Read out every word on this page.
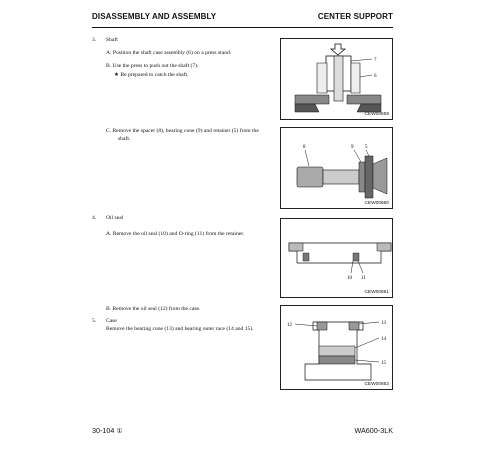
DISASSEMBLY AND ASSEMBLY	CENTER SUPPORT
3. Shaft
A. Position the shaft case assembly (6) on a press stand.
B. Use the press to push out the shaft (7).
★ Be prepared to catch the shaft.
C. Remove the spacer (8), bearing cone (9) and retainer (5) from the
shaft.
4. Oil seal
A. Remove the oil seal (10) and O-ring (11) from the retainer.
B. Remove the oil seal (12) from the case.
5. Case
Remove the bearing cone (13) and bearing outer race (14 and 15).
7
6
CEW00659
8	9 5
CEW00660
10 11
CEW00661
12	13
14
15
CEW00662
30-104 ①	WA600-3LK
